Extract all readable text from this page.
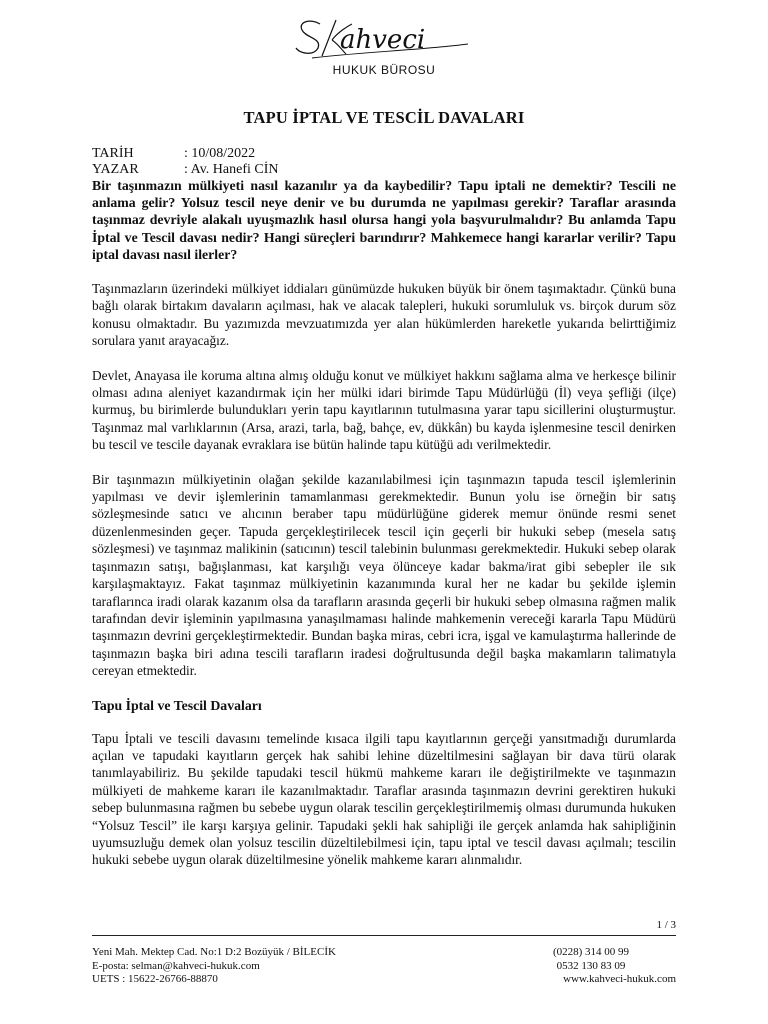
ahveci
HUKUK BÜROSU
TAPU İPTAL VE TESCİL DAVALARI
TARİH	: 10/08/2022
YAZAR	: Av. Hanefi CİN

Bir taşınmazın mülkiyeti nasıl kazanılır ya da kaybedilir? Tapu iptali ne demektir? Tescili ne anlama gelir? Yolsuz tescil neye denir ve bu durumda ne yapılması gerekir? Taraflar arasında taşınmaz devriyle alakalı uyuşmazlık hasıl olursa hangi yola başvurulmalıdır? Bu anlamda Tapu İptal ve Tescil davası nedir? Hangi süreçleri barındırır? Mahkemece hangi kararlar verilir? Tapu iptal davası nasıl ilerler?

Taşınmazların üzerindeki mülkiyet iddiaları günümüzde hukuken büyük bir önem taşımaktadır. Çünkü buna bağlı olarak birtakım davaların açılması, hak ve alacak talepleri, hukuki sorumluluk vs. birçok durum söz konusu olmaktadır. Bu yazımızda mevzuatımızda yer alan hükümlerden hareketle yukarıda belirttiğimiz sorulara yanıt arayacağız.

Devlet, Anayasa ile koruma altına almış olduğu konut ve mülkiyet hakkını sağlama alma ve herkesçe bilinir olması adına aleniyet kazandırmak için her mülki idari birimde Tapu Müdürlüğü (İl) veya şefliği (ilçe) kurmuş, bu birimlerde bulundukları yerin tapu kayıtlarının tutulmasına yarar tapu sicillerini oluşturmuştur. Taşınmaz mal varlıklarının (Arsa, arazi, tarla, bağ, bahçe, ev, dükkân) bu kayda işlenmesine tescil denirken bu tescil ve tescile dayanak evraklara ise bütün halinde tapu kütüğü adı verilmektedir.

Bir taşınmazın mülkiyetinin olağan şekilde kazanılabilmesi için taşınmazın tapuda tescil işlemlerinin yapılması ve devir işlemlerinin tamamlanması gerekmektedir. Bunun yolu ise örneğin bir satış sözleşmesinde satıcı ve alıcının beraber tapu müdürlüğüne giderek memur önünde resmi senet düzenlenmesinden geçer. Tapuda gerçekleştirilecek tescil için geçerli bir hukuki sebep (mesela satış sözleşmesi) ve taşınmaz malikinin (satıcının) tescil talebinin bulunması gerekmektedir. Hukuki sebep olarak taşınmazın satışı, bağışlanması, kat karşılığı veya ölünceye kadar bakma/irat gibi sebepler ile sık karşılaşmaktayız. Fakat taşınmaz mülkiyetinin kazanımında kural her ne kadar bu şekilde işlemin taraflarınca iradi olarak kazanım olsa da tarafların arasında geçerli bir hukuki sebep olmasına rağmen malik tarafından devir işleminin yapılmasına yanaşılmaması halinde mahkemenin vereceği kararla Tapu Müdürü taşınmazın devrini gerçekleştirmektedir. Bundan başka miras, cebri icra, işgal ve kamulaştırma hallerinde de taşınmazın başka biri adına tescili tarafların iradesi doğrultusunda değil başka makamların talimatıyla cereyan etmektedir.

Tapu İptal ve Tescil Davaları

Tapu İptali ve tescili davasını temelinde kısaca ilgili tapu kayıtlarının gerçeği yansıtmadığı durumlarda açılan ve tapudaki kayıtların gerçek hak sahibi lehine düzeltilmesini sağlayan bir dava türü olarak tanımlayabiliriz. Bu şekilde tapudaki tescil hükmü mahkeme kararı ile değiştirilmekte ve taşınmazın mülkiyeti de mahkeme kararı ile kazanılmaktadır. Taraflar arasında taşınmazın devrini gerektiren hukuki sebep bulunmasına rağmen bu sebebe uygun olarak tescilin gerçekleştirilmemiş olması durumunda hukuken “Yolsuz Tescil” ile karşı karşıya gelinir. Tapudaki şekli hak sahipliği ile gerçek anlamda hak sahipliğinin uyumsuzluğu demek olan yolsuz tescilin düzeltilebilmesi için, tapu iptal ve tescil davası açılmalı; tescilin hukuki sebebe uygun olarak düzeltilmesine yönelik mahkeme kararı alınmalıdır.

1 / 3
Yeni Mah. Mektep Cad. No:1 D:2 Bozüyük / BİLECİK
E-posta: selman@kahveci-hukuk.com
UETS : 15622-26766-88870
(0228) 314 00 99
0532 130 83 09
www.kahveci-hukuk.com
